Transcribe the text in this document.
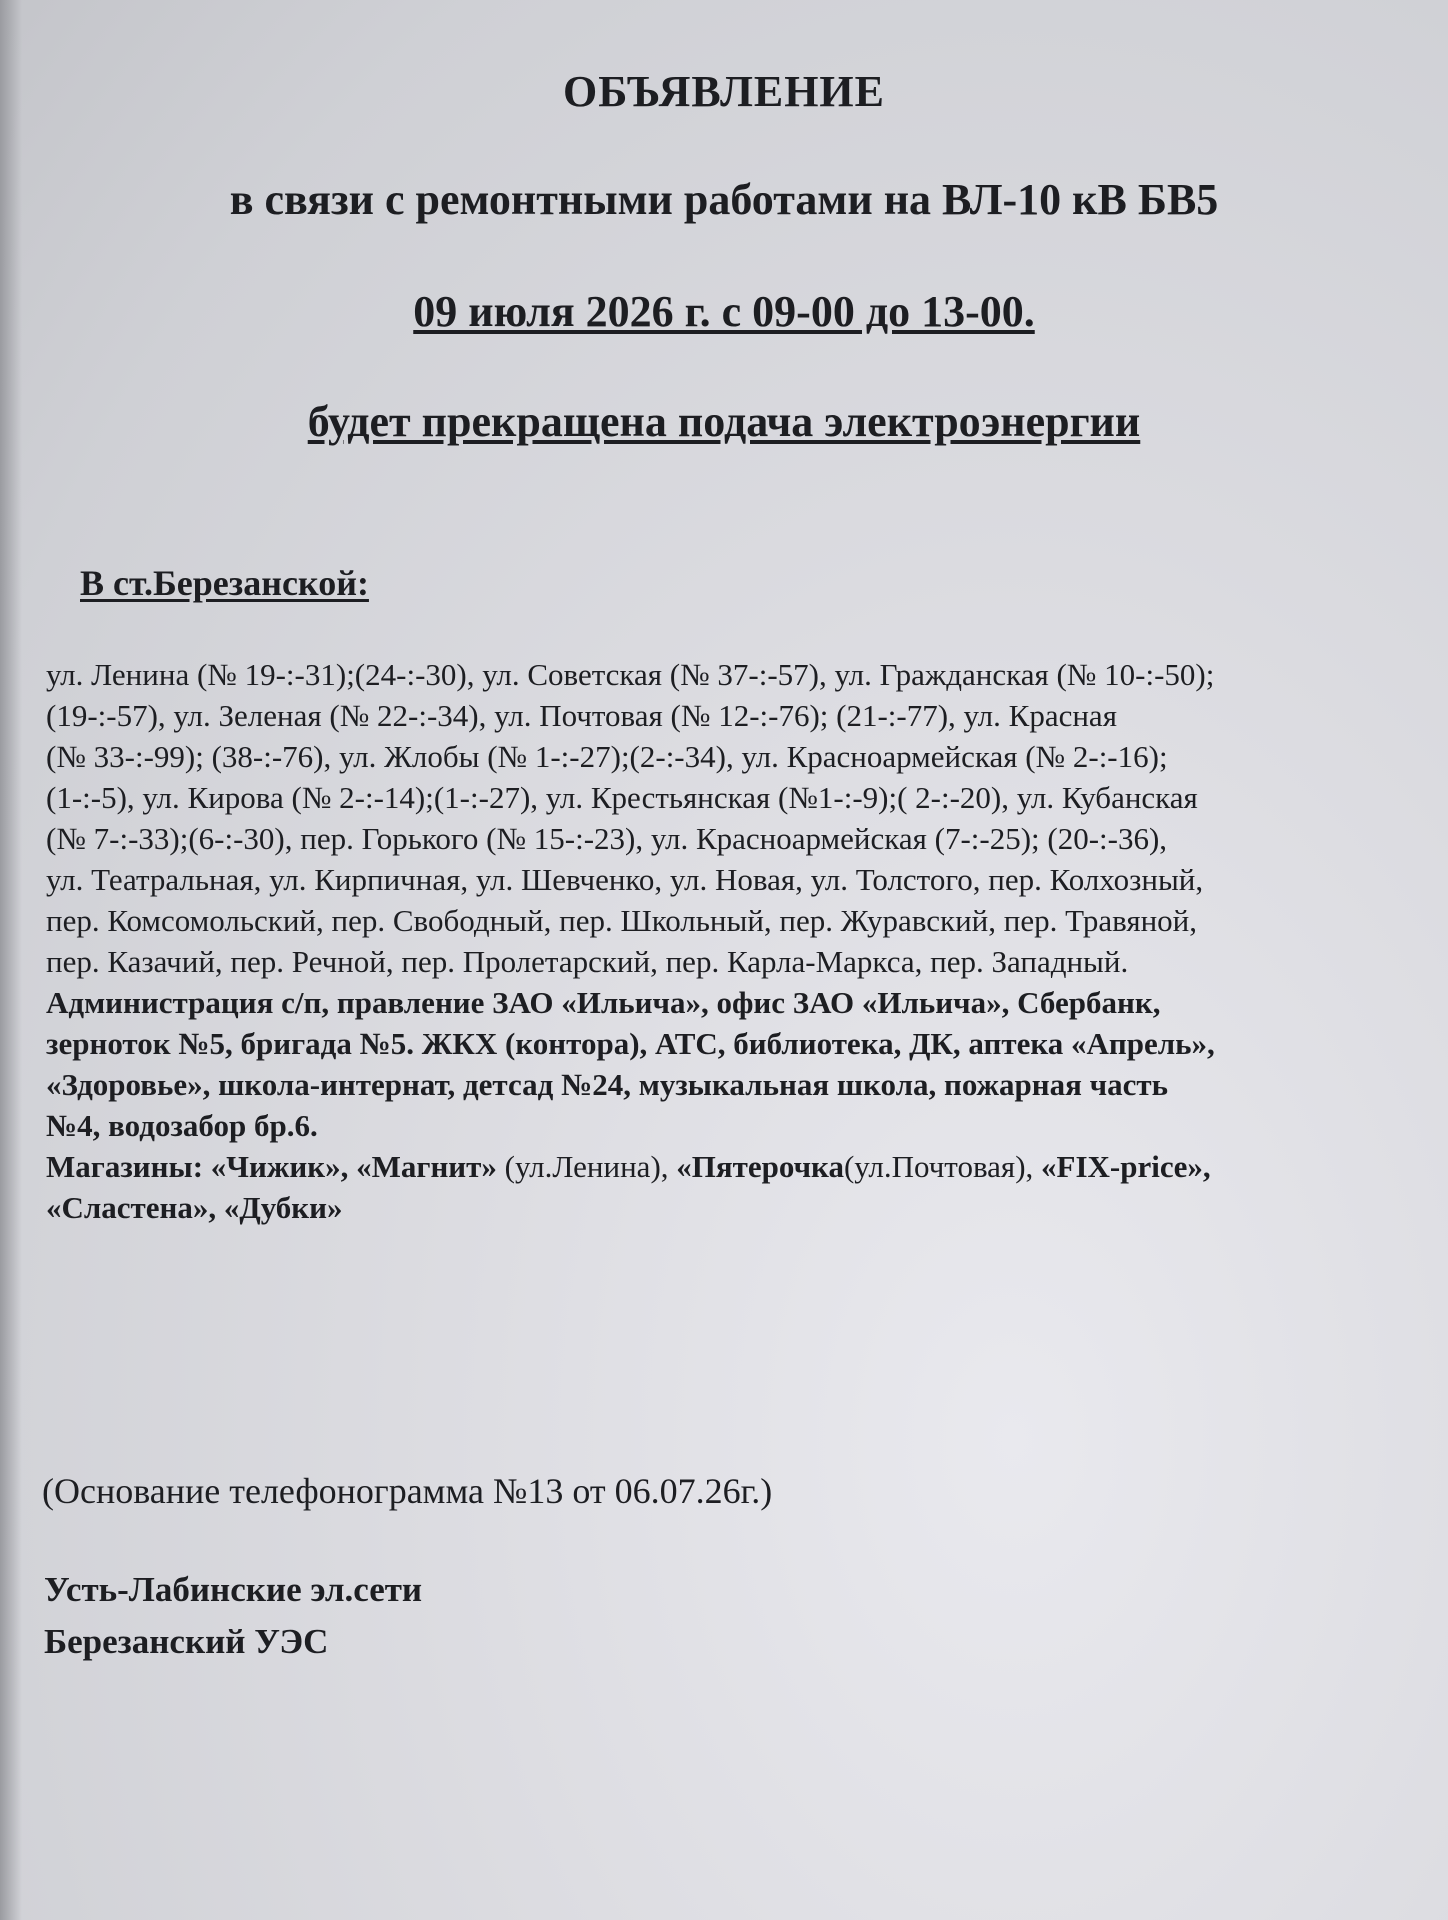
ОБЪЯВЛЕНИЕ
в связи с ремонтными работами на ВЛ-10 кВ БВ5
09 июля 2026 г. с 09-00 до 13-00.
будет прекращена подача электроэнергии
В ст.Березанской:
ул. Ленина (№ 19-:-31);(24-:-30), ул. Советская (№ 37-:-57), ул. Гражданская (№ 10-:-50);
(19-:-57), ул. Зеленая (№ 22-:-34), ул. Почтовая (№ 12-:-76); (21-:-77), ул. Красная
(№ 33-:-99); (38-:-76), ул. Жлобы (№ 1-:-27);(2-:-34), ул. Красноармейская (№ 2-:-16);
(1-:-5), ул. Кирова (№ 2-:-14);(1-:-27), ул. Крестьянская (№1-:-9);( 2-:-20), ул. Кубанская
(№ 7-:-33);(6-:-30), пер. Горького (№ 15-:-23), ул. Красноармейская (7-:-25); (20-:-36),
ул. Театральная, ул. Кирпичная, ул. Шевченко, ул. Новая, ул. Толстого, пер. Колхозный,
пер. Комсомольский, пер. Свободный, пер. Школьный, пер. Журавский, пер. Травяной,
пер. Казачий, пер. Речной, пер. Пролетарский, пер. Карла-Маркса, пер. Западный.
Администрация с/п, правление ЗАО «Ильича», офис ЗАО «Ильича», Сбербанк,
зерноток №5, бригада №5. ЖКХ (контора), АТС, библиотека, ДК, аптека «Апрель»,
«Здоровье», школа-интернат, детсад №24, музыкальная школа, пожарная часть
№4, водозабор бр.6.
Магазины: «Чижик», «Магнит» (ул.Ленина), «Пятерочка(ул.Почтовая), «FIX-price»,
«Сластена», «Дубки»
(Основание телефонограмма №13 от 06.07.26г.)
Усть-Лабинские эл.сети
Березанский УЭС
